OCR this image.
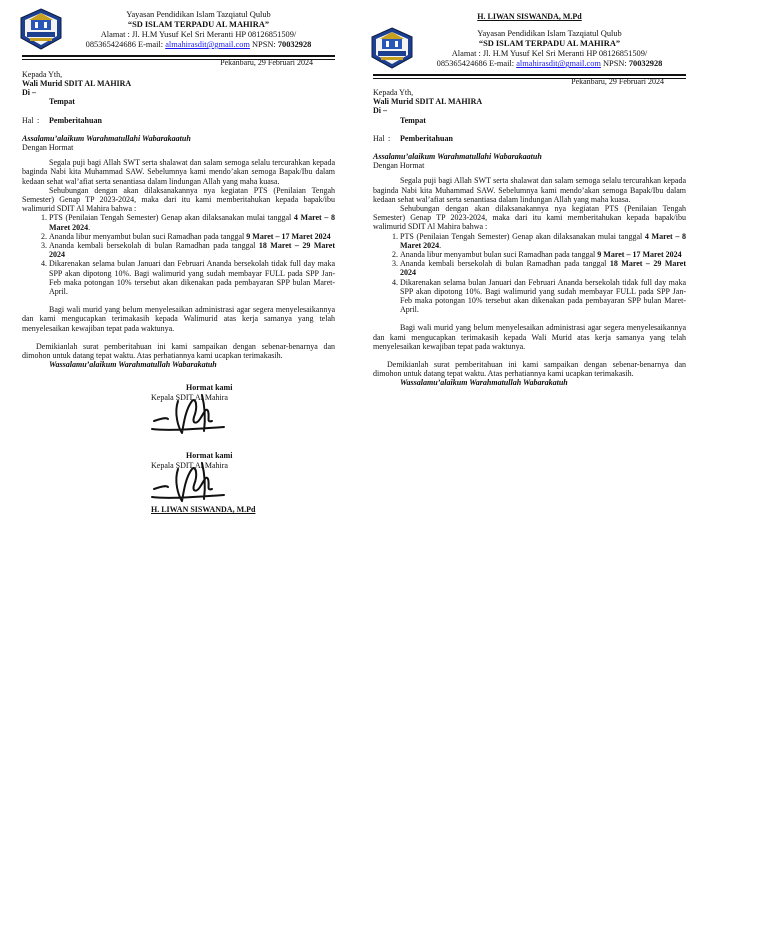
Yayasan Pendidikan Islam Tazqiatul Qulub
“SD ISLAM TERPADU AL MAHIRA”
Alamat : Jl. H.M Yusuf Kel Sri Meranti HP 08126851509/
085365424686 E-mail: almahirasdit@gmail.com NPSN: 70032928
Pekanbaru, 29 Februari 2024
Kepada Yth,
Wali Murid SDIT AL MAHIRA
Di –
Tempat
Hal :	Pemberitahuan
Assalamu’alaikum Warahmatullahi Wabarakaatuh
Dengan Hormat

Segala puji bagi Allah SWT serta shalawat dan salam semoga selalu tercurahkan kepada baginda Nabi kita Muhammad SAW. Sebelumnya kami mendo’akan semoga Bapak/Ibu dalam kedaan sehat wal’afiat serta senantiasa dalam lindungan Allah yang maha kuasa.

Sehubungan dengan akan dilaksanakannya nya kegiatan PTS (Penilaian Tengah Semester) Genap TP 2023-2024, maka dari itu kami memberitahukan kepada bapak/ibu walimurid SDIT Al Mahira bahwa :

1. PTS (Penilaian Tengah Semester) Genap akan dilaksanakan mulai tanggal 4 Maret – 8 Maret 2024.
2. Ananda libur menyambut bulan suci Ramadhan pada tanggal 9 Maret – 17 Maret 2024
3. Ananda kembali bersekolah di bulan Ramadhan pada tanggal 18 Maret – 29 Maret 2024
4. Dikarenakan selama bulan Januari dan Februari Ananda bersekolah tidak full day maka SPP akan dipotong 10%. Bagi walimurid yang sudah membayar FULL pada SPP Jan-Feb maka potongan 10% tersebut akan dikenakan pada pembayaran SPP bulan Maret-April.

Bagi wali murid yang belum menyelesaikan administrasi agar segera menyelesaikannya dan kami mengucapkan terimakasih kepada Walimurid atas kerja samanya yang telah menyelesaikan kewajiban tepat pada waktunya.

Demikianlah surat pemberitahuan ini kami sampaikan dengan sebenar-benarnya dan dimohon untuk datang tepat waktu. Atas perhatiannya kami ucapkan terimakasih.

Wassalamu’alaikum Warahmatullah Wabarakatuh
Hormat kami
Kepala SDIT Al Mahira
Hormat kami
Kepala SDIT Al Mahira
H. LIWAN SISWANDA, M.Pd
H. LIWAN SISWANDA, M.Pd
Yayasan Pendidikan Islam Tazqiatul Qulub
“SD ISLAM TERPADU AL MAHIRA”
Alamat : Jl. H.M Yusuf Kel Sri Meranti HP 08126851509/
085365424686 E-mail: almahirasdit@gmail.com NPSN: 70032928
Pekanbaru, 29 Februari 2024
Kepada Yth,
Wali Murid SDIT AL MAHIRA
Di –
Tempat
Hal :	Pemberitahuan
Assalamu’alaikum Warahmatullahi Wabarakaatuh
Dengan Hormat

Segala puji bagi Allah SWT serta shalawat dan salam semoga selalu tercurahkan kepada baginda Nabi kita Muhammad SAW. Sebelumnya kami mendo’akan semoga Bapak/Ibu dalam kedaan sehat wal’afiat serta senantiasa dalam lindungan Allah yang maha kuasa.

Sehubungan dengan akan dilaksanakannya nya kegiatan PTS (Penilaian Tengah Semester) Genap TP 2023-2024, maka dari itu kami memberitahukan kepada bapak/ibu walimurid SDIT Al Mahira bahwa :

1. PTS (Penilaian Tengah Semester) Genap akan dilaksanakan mulai tanggal 4 Maret – 8 Maret 2024.
2. Ananda libur menyambut bulan suci Ramadhan pada tanggal 9 Maret – 17 Maret 2024
3. Ananda kembali bersekolah di bulan Ramadhan pada tanggal 18 Maret – 29 Maret 2024
4. Dikarenakan selama bulan Januari dan Februari Ananda bersekolah tidak full day maka SPP akan dipotong 10%. Bagi walimurid yang sudah membayar FULL pada SPP Jan-Feb maka potongan 10% tersebut akan dikenakan pada pembayaran SPP bulan Maret-April.

Bagi wali murid yang belum menyelesaikan administrasi agar segera menyelesaikannya dan kami mengucapkan terimakasih kepada Wali Murid atas kerja samanya yang telah menyelesaikan kewajiban tepat pada waktunya.

Demikianlah surat pemberitahuan ini kami sampaikan dengan sebenar-benarnya dan dimohon untuk datang tepat waktu. Atas perhatiannya kami ucapkan terimakasih.

Wassalamu’alaikum Warahmatullah Wabarakatuh
